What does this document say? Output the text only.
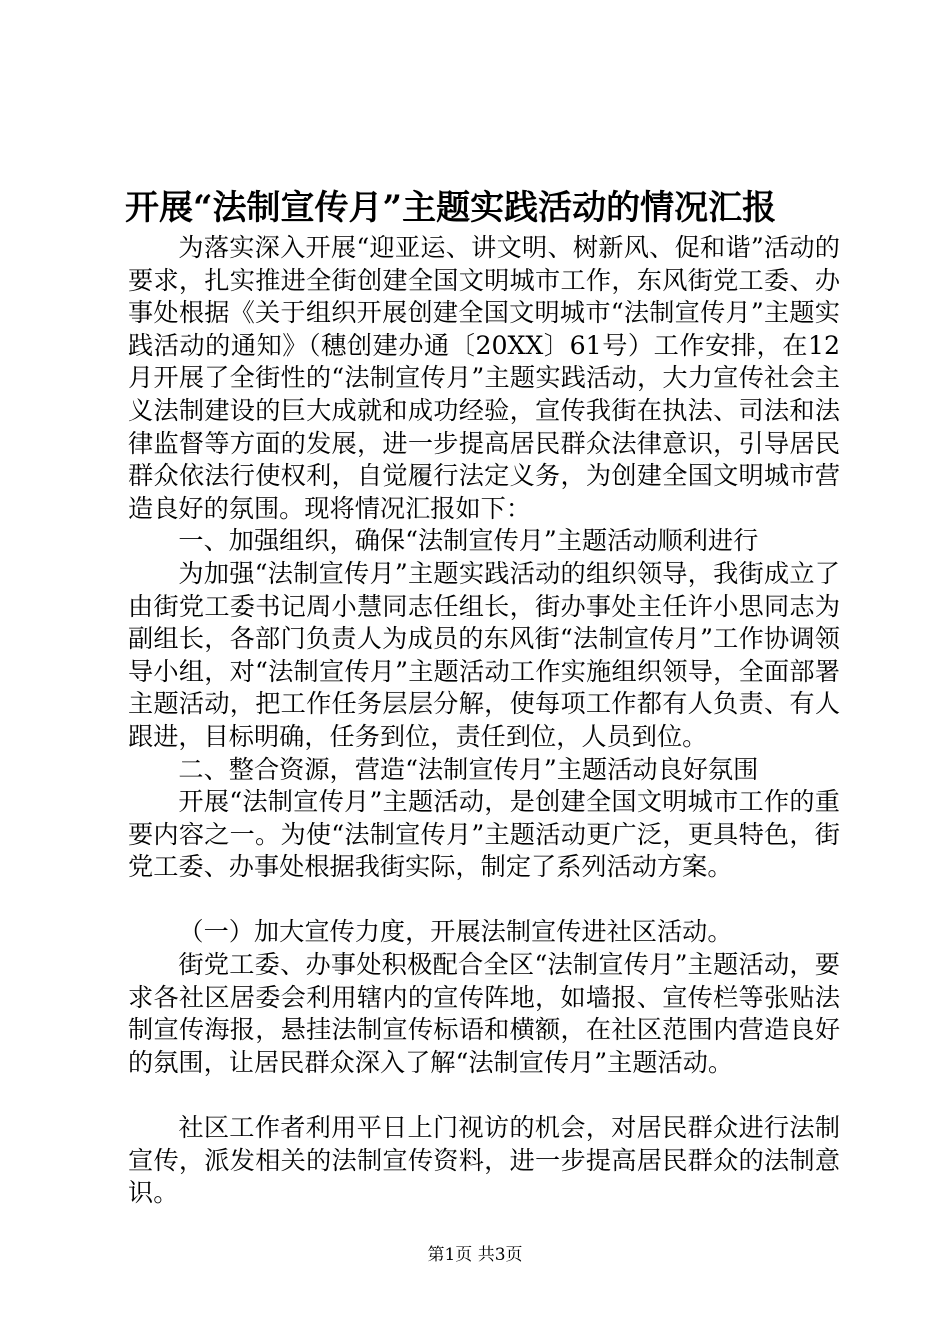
开展“法制宣传月”主题实践活动的情况汇报

为落实深入开展“迎亚运、讲文明、树新风、促和谐”活动的要求，扎实推进全街创建全国文明城市工作，东风街党工委、办事处根据《关于组织开展创建全国文明城市“法制宣传月”主题实践活动的通知》（穗创建办通〔20XX〕61号）工作安排，在12月开展了全街性的“法制宣传月”主题实践活动，大力宣传社会主义法制建设的巨大成就和成功经验，宣传我街在执法、司法和法律监督等方面的发展，进一步提高居民群众法律意识，引导居民群众依法行使权利，自觉履行法定义务，为创建全国文明城市营造良好的氛围。现将情况汇报如下：

一、加强组织，确保“法制宣传月”主题活动顺利进行

为加强“法制宣传月”主题实践活动的组织领导，我街成立了由街党工委书记周小慧同志任组长，街办事处主任许小思同志为副组长，各部门负责人为成员的东风街“法制宣传月”工作协调领导小组，对“法制宣传月”主题活动工作实施组织领导，全面部署主题活动，把工作任务层层分解，使每项工作都有人负责、有人跟进，目标明确，任务到位，责任到位，人员到位。

二、整合资源，营造“法制宣传月”主题活动良好氛围

开展“法制宣传月”主题活动，是创建全国文明城市工作的重要内容之一。为使“法制宣传月”主题活动更广泛，更具特色，街党工委、办事处根据我街实际，制定了系列活动方案。

（一）加大宣传力度，开展法制宣传进社区活动。

街党工委、办事处积极配合全区“法制宣传月”主题活动，要求各社区居委会利用辖内的宣传阵地，如墙报、宣传栏等张贴法制宣传海报，悬挂法制宣传标语和横额，在社区范围内营造良好的氛围，让居民群众深入了解“法制宣传月”主题活动。

社区工作者利用平日上门视访的机会，对居民群众进行法制宣传，派发相关的法制宣传资料，进一步提高居民群众的法制意识。

第1页 共3页
